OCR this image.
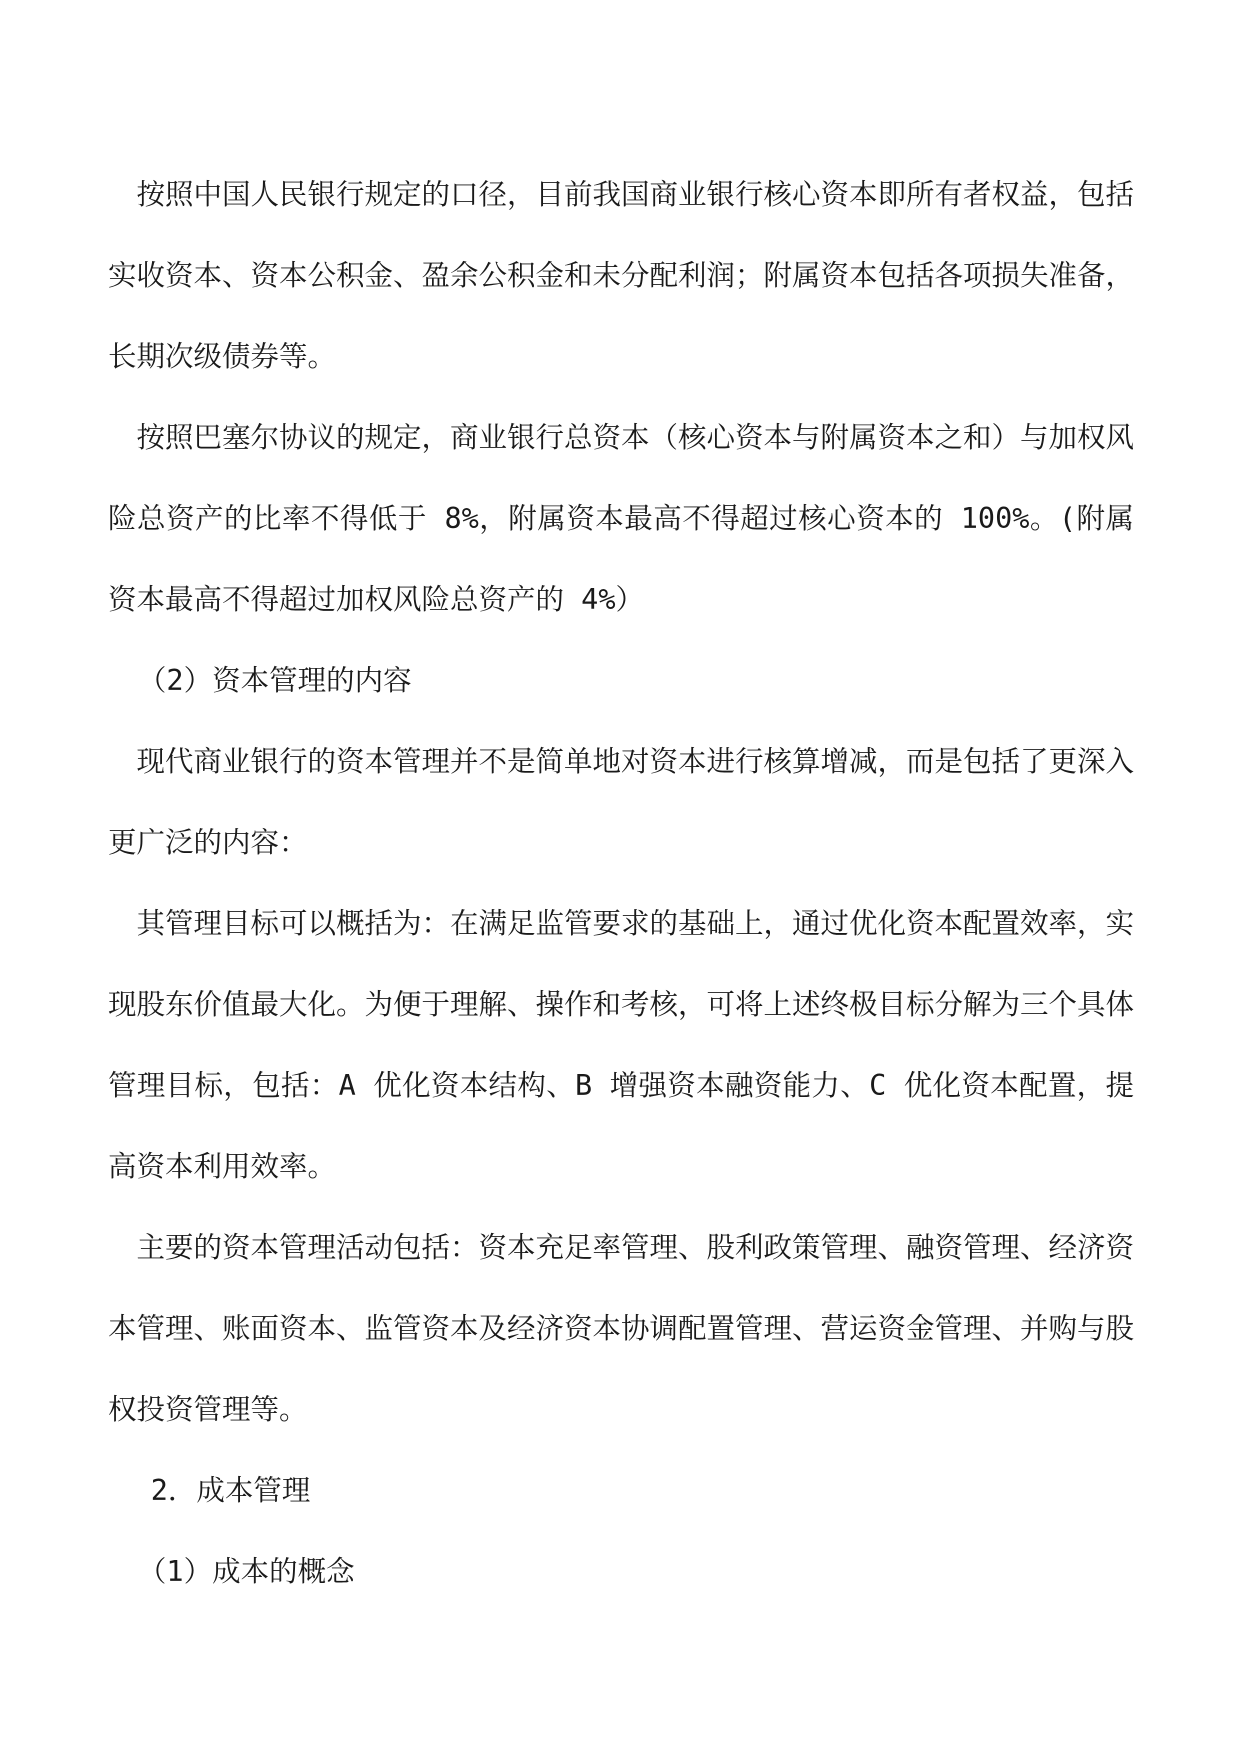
按照中国人民银行规定的口径，目前我国商业银行核心资本即所有者权益，包括实收资本、资本公积金、盈余公积金和未分配利润；附属资本包括各项损失准备，长期次级债券等。

按照巴塞尔协议的规定，商业银行总资本（核心资本与附属资本之和）与加权风险总资产的比率不得低于 8%，附属资本最高不得超过核心资本的 100%。(附属资本最高不得超过加权风险总资产的 4%）

（2）资本管理的内容

现代商业银行的资本管理并不是简单地对资本进行核算增减，而是包括了更深入更广泛的内容：

其管理目标可以概括为：在满足监管要求的基础上，通过优化资本配置效率，实现股东价值最大化。为便于理解、操作和考核，可将上述终极目标分解为三个具体管理目标，包括：A 优化资本结构、B 增强资本融资能力、C 优化资本配置，提高资本利用效率。

主要的资本管理活动包括：资本充足率管理、股利政策管理、融资管理、经济资本管理、账面资本、监管资本及经济资本协调配置管理、营运资金管理、并购与股权投资管理等。

2．成本管理

（1）成本的概念
